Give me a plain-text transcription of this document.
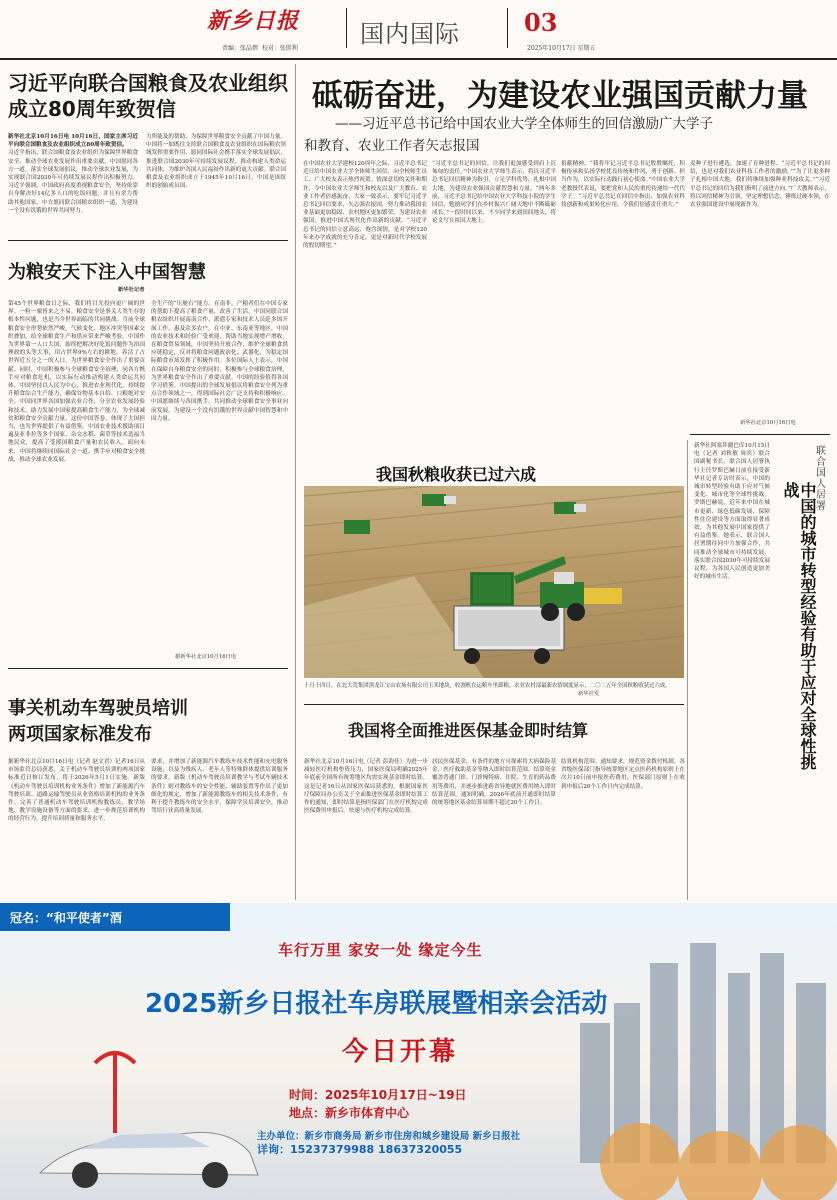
新乡日报
责编：张晶熠 校对：张胜利
国内国际	03
2025年10月17日 星期五
习近平向联合国粮食及农业组织成立80周年致贺信
新华社北京10月16日电 10月16日，国家主席习近平向联合国粮食及农业组织成立80周年致贺信。
习近平指出，联合国粮食及农业组织为保障世界粮食安全、推动全球农业发展作出重要贡献。中国愿同各方一道，落实全球发展倡议，推动全球农业发展，为实现联合国2030年可持续发展议程作出积极努力。 习近平强调，中国政府高度重视粮食安全，坚持依靠自身解决好14亿多人口的吃饭问题，并且有余力帮助其他国家。中方愿同联合国粮农组织一道，为建设一个没有饥饿的世界共同努力。
力所能及的帮助，为保障世界粮食安全贡献了中国力量。中国将一如既往支持联合国粮食及农业组织在国际粮农领域发挥重要作用，愿同国际社会携手落实全球发展倡议，推进联合国2030年可持续发展议程，推动构建人类命运共同体，为维护各国人民福祉作出新的更大贡献。联合国粮食及农业组织成立于1945年10月16日，中国是该组织的创始成员国。
为粮安天下注入中国智慧
新华社记者
第45个世界粮食日之际，我们将目光投向更广阔的世界。一粒一粟皆来之不易。粮食安全是事关人类生存的根本性问题，也是当今世界面临的共同挑战。当前全球粮食安全形势依然严峻，气候变化、地区冲突等因素交织叠加，给全球粮食生产和供应带来严峻考验。中国作为世界第一人口大国，始终把解决好吃饭问题作为治国理政的头等大事，用占世界9%左右的耕地，养活了占世界近五分之一的人口，为世界粮食安全作出了重要贡献。同时，中国积极参与全球粮食安全治理，同各方携手应对粮食危机，以实际行动推动构建人类命运共同体。中国坚持以人民为中心，推进农业现代化，持续提升粮食综合生产能力，确保谷物基本自给、口粮绝对安全。中国同世界各国加强农业合作，分享农业发展经验和技术，助力发展中国家提高粮食生产能力，为全球减贫和粮食安全贡献力量。这份中国答卷，体现了大国担当，也为世界提供了有益借鉴。中国农业技术援助项目遍及亚非拉等多个国家，杂交水稻、菌草等技术造福当地民众，提高了受援国粮食产量和农民收入。面向未来，中国将继续同国际社会一道，携手应对粮食安全挑战，推动全球农业发展。
全生产的“压舱石”能力。在南非，产粮者们在中国专家的帮助下提高了粮食产量，改善了生活。中国同联合国粮农组织开展南南合作，派遣专家和技术人员赴多国开展工作，惠及众多农户。在中亚、东南亚等地区，中国的农业技术和经验广受欢迎，帮助当地实现增产增收。在粮食贸易领域，中国坚持开放合作，维护全球粮食供应链稳定，反对将粮食问题政治化、武器化，为稳定国际粮食市场发挥了积极作用。多位国际人士表示，中国在保障自身粮食安全的同时，积极参与全球粮食治理，为世界粮食安全作出了重要贡献。中国的经验值得各国学习借鉴。中国提出的全球发展倡议将粮食安全列为重点合作领域之一，得到国际社会广泛支持和积极响应。中国愿继续与各国携手，共同推动全球粮食安全事业向前发展，为建设一个没有饥饿的世界贡献中国智慧和中国力量。
据新华社北京10月16日电
事关机动车驾驶员培训
两项国家标准发布
据新华社北京10月16日电（记者 赵文君）记者16日从市场监管总局获悉，关于机动车驾驶员培训的两项国家标准近日修订发布，将于2026年5月1日实施。新版《机动车驾驶员培训机构业务条件》增加了新能源汽车驾驶培训、道路运输驾驶员从业资格培训机构的业务条件，完善了普通机动车驾驶培训机构教练员、教学场地、教学设施设备等方面的要求，进一步规范培训机构的经营行为，提升培训质量和服务水平。
要求，并增加了新能源汽车教练车技术性能和充电服务设施，以及为残疾人、老年人等特殊群体提供培训服务的要求。新版《机动车驾驶员培训教学与考试车辆技术条件》则对教练车的安全性能、辅助装置等作出了更加细化的规定，增加了新能源教练车的相关技术条件，有利于提升教练车的安全水平，保障学员培训安全，推动驾培行业高质量发展。
砥砺奋进，为建设农业强国贡献力量
——习近平总书记给中国农业大学全体师生的回信激励广大学子
和教育、农业工作者矢志报国
在中国农业大学建校120周年之际，习近平总书记近日给中国农业大学全体师生回信，向全校师生员工、广大校友表示热烈祝贺。情深意切的关怀和期许，令中国农业大学师生和校友以及广大教育、农业工作者倍感振奋。大家一致表示，要牢记习近平总书记回信要求，矢志强农报国，努力推动我国农业基础更加稳固、农村地区更加繁荣，为建设农业强国，推进中国式现代化作出新的贡献。“习近平总书记的回信立意高远、饱含深情，是对学校120年来办学成就的充分肯定，更是对新时代学校发展的殷切期望。”
“习近平总书记的回信，让我们更加感受到肩上沉甸甸的责任。”中国农业大学师生表示，将以习近平总书记回信精神为指引，立足学科优势，扎根中国大地，为建设农业强国贡献智慧和力量。“两年多前，习近平总书记给中国农业大学科技小院的学生回信，勉励同学们在乡村振兴广阔天地中不断砥砺成长。”一段时间以来，不少同学来到田间地头，将论文写在祖国大地上。
捐献精神。“我将牢记习近平总书记殷殷嘱托，积极传承和弘扬学校优良传统和作风，勇于创新、担当作为，以实际行动践行初心使命。”中国农业大学老教授代表说，要把党和人民的重托传递给一代代学子。“习近平总书记在回信中指出，加强农业科技创新和成果转化应用，令我们倍感责任重大。”
麦种子进行遴选，加速了育种进程。“习近平总书记的回信，也是对我们农业科技工作者的激励。”“为了让更多种子扎根中国大地，我们将继续加强种业科技攻关。”“习近平总书记的回信为我们指明了前进方向。”广大教师表示，将以回信精神为引领，坚定理想信念，锤炼过硬本领，在农业强国建设中展现新作为。
新华社北京10月16日电
我国秋粮收获已过六成
十月十四日，在北大荒集团黑龙江宝山农场有限公司玉米地块，收割机在运粮车里卸粮。农业农村部最新农情调度显示，二〇二五年全国秋粮收获过六成。
新华社发
我国将全面推进医保基金即时结算
新华社北京10月16日电（记者 彭韵佳）为进一步减轻医疗机构垫资压力，国家医保局明确2025年年底前全国所有统筹地区均需实现基金即时结算。这是记者16日从国家医保局获悉的。根据国家医疗保障局办公室关于全面推进医保基金即时结算工作的通知，即时结算是指医保部门在医疗机构完成医保费用申报后，快速与医疗机构完成结算。
居民医保基金，有条件的地方可探索将大病保险基金、医疗救助基金等纳入即时结算范围。结算资金覆盖普通门诊、门诊慢特病、住院、生育的药品费用等费用，并逐步推进跨省异地就医费用纳入即时结算范围。通知明确，2026年底前开通即时结算的统筹地区基金结算周期不超过20个工作日。
结算机构范围。通知要求，规范资金拨付机制。各省级医保部门指导统筹地区定点医药机构原则上在次月10日前申报医药费用，医保部门原则上在收到申报后20个工作日内完成结算。
新华社阿塞拜疆巴库10月15日电（记者 刘秋敏 周宾）联合国副秘书长、联合国人居署执行主任罗斯巴赫日前在接受新华社记者专访时表示，中国的城市转型经验有助于应对气候变化、城市化等全球性挑战。罗斯巴赫说，近年来中国在城市更新、绿色低碳发展、保障性住房建设等方面取得显著成效，为其他发展中国家提供了有益借鉴。她表示，联合国人居署期待同中方加强合作，共同推动全球城市可持续发展，落实联合国2030年可持续发展议程，为各国人民创造更加美好的城市生活。
联合国人居署
中国的城市转型经验有助于应对全球性挑战
冠名：“和平使者”酒
车行万里 家安一处 缘定今生
2025新乡日报社车房联展暨相亲会活动
今日开幕
时间：2025年10月17日~19日
地点：新乡市体育中心
主办单位：新乡市商务局 新乡市住房和城乡建设局 新乡日报社
详询：15237379988 18637320055
